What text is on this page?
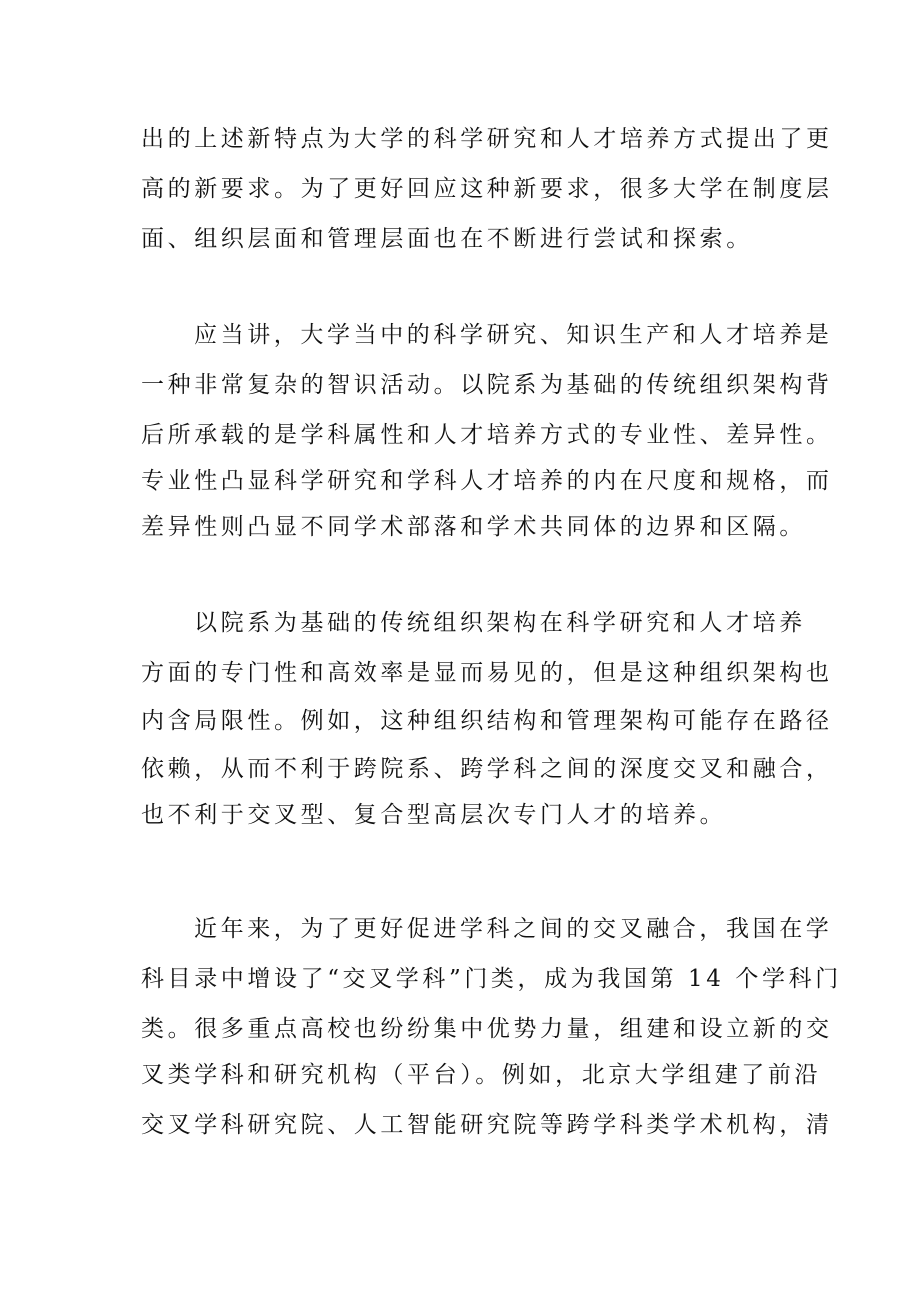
出的上述新特点为大学的科学研究和人才培养方式提出了更
高的新要求。为了更好回应这种新要求，很多大学在制度层
面、组织层面和管理层面也在不断进行尝试和探索。
应当讲，大学当中的科学研究、知识生产和人才培养是
一种非常复杂的智识活动。以院系为基础的传统组织架构背
后所承载的是学科属性和人才培养方式的专业性、差异性。
专业性凸显科学研究和学科人才培养的内在尺度和规格，而
差异性则凸显不同学术部落和学术共同体的边界和区隔。
以院系为基础的传统组织架构在科学研究和人才培养
方面的专门性和高效率是显而易见的，但是这种组织架构也
内含局限性。例如，这种组织结构和管理架构可能存在路径
依赖，从而不利于跨院系、跨学科之间的深度交叉和融合，
也不利于交叉型、复合型高层次专门人才的培养。
近年来，为了更好促进学科之间的交叉融合，我国在学
科目录中增设了“交叉学科”门类，成为我国第 14 个学科门
类。很多重点高校也纷纷集中优势力量，组建和设立新的交
叉类学科和研究机构（平台）。例如，北京大学组建了前沿
交叉学科研究院、人工智能研究院等跨学科类学术机构，清
